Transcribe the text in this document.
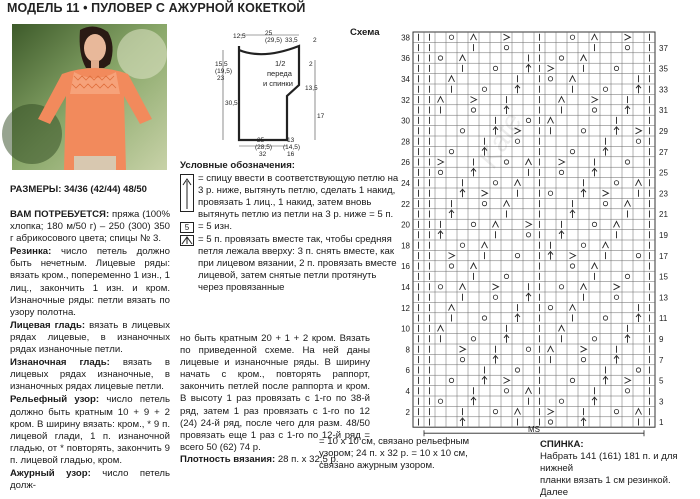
МОДЕЛЬ 11 • ПУЛОВЕР С АЖУРНОЙ КОКЕТКОЙ
РАЗМЕРЫ: 34/36 (42/44) 48/50

ВАМ ПОТРЕБУЕТСЯ: пряжа (100% хлопка; 180 м/50 г) – 250 (300) 350 г абрикосового цвета; спицы № 3.

Резинка: число петель должно быть нечетным. Лицевые ряды: вязать кром., попеременно 1 изн., 1 лиц., закончить 1 изн. и кром. Изнаночные ряды: петли вязать по узору полотна.

Лицевая гладь: вязать в лицевых рядах лицевые, в изнаночных рядах изнаночные петли.

Изнаночная гладь: вязать в лицевых рядах изнаночные, в изнаночных рядах лицевые петли.

Рельефный узор: число петель должно быть кратным 10 + 9 + 2 кром. В ширину вязать: кром., * 9 п. лицевой глади, 1 п. изнаночной гладью, от * повторять, закончить 9 п. лицевой гладью, кром.

Ажурный узор: число петель долж-

12,5	25
(29,5) 33,5 2
15,5
(19,5)
23
2
1/2
переда
и спинки
13,5
30,5
17
25
(28,5)
32
13
(14,5)
16
Схема
Условные обозначения:
= спицу ввести в соответствующую петлю на 3 р. ниже, вытянуть петлю, сделать 1 накид, провязать 1 лиц., 1 накид, затем вновь вытянуть петлю из петли на 3 р. ниже = 5 п.
5 = 5 изн.
= 5 п. провязать вместе так, чтобы средняя петля лежала вверху: 3 п. снять вместе, как при лицевом вязании, 2 п. провязать вместе лицевой, затем снятые петли протянуть через провязанные

но быть кратным 20 + 1 + 2 кром. Вязать по приведенной схеме. На ней даны лицевые и изнаночные ряды. В ширину начать с кром., повторять раппорт, закончить петлей после раппорта и кром. В высоту 1 раз провязать с 1-го по 38-й ряд, затем 1 раз провязать с 1-го по 12 (24) 24-й ряд, после чего для разм. 48/50 провязать еще 1 раз с 1-го по 12-й ряд = всего 50 (62) 74 р.

Плотность вязания: 28 п. x 32,5 р.

= 10 x 10 см, связано рельефным
узором; 24 п. x 32 р. = 10 x 10 см,
связано ажурным узором.
СПИНКА:
Набрать 141 (161) 181 п. и для нижней
планки вязать 1 см резинкой. Далее
38
36
34
32
30
28
26
24
22
20
18
16
14
12
10
8
6
4
2
37
35
33
31
29
27
25
23
21
19
17
15
13
11
9
7
5
3
1
MS
Kate
